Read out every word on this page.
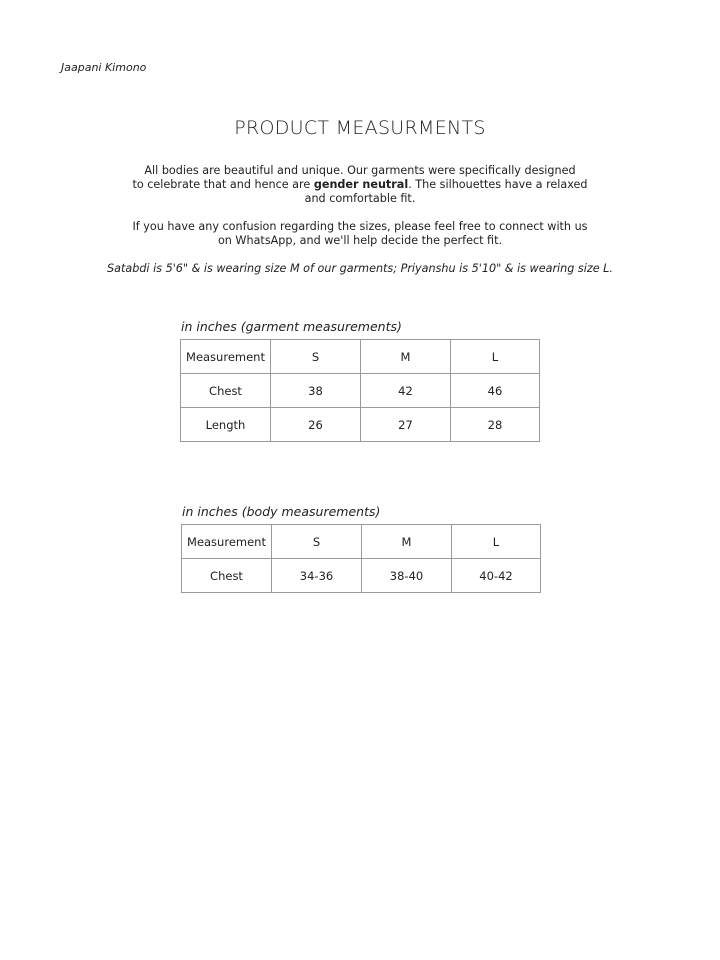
Jaapani Kimono
PRODUCT MEASURMENTS
All bodies are beautiful and unique. Our garments were specifically designed
to celebrate that and hence are gender neutral. The silhouettes have a relaxed
and comfortable fit.
If you have any confusion regarding the sizes, please feel free to connect with us
on WhatsApp, and we'll help decide the perfect fit.
Satabdi is 5'6" & is wearing size M of our garments; Priyanshu is 5'10" & is wearing size L.
in inches (garment measurements)
Measurement	S	M	L
Chest	38	42	46
Length	26	27	28
in inches (body measurements)
Measurement	S	M	L
Chest	34-36	38-40	40-42
